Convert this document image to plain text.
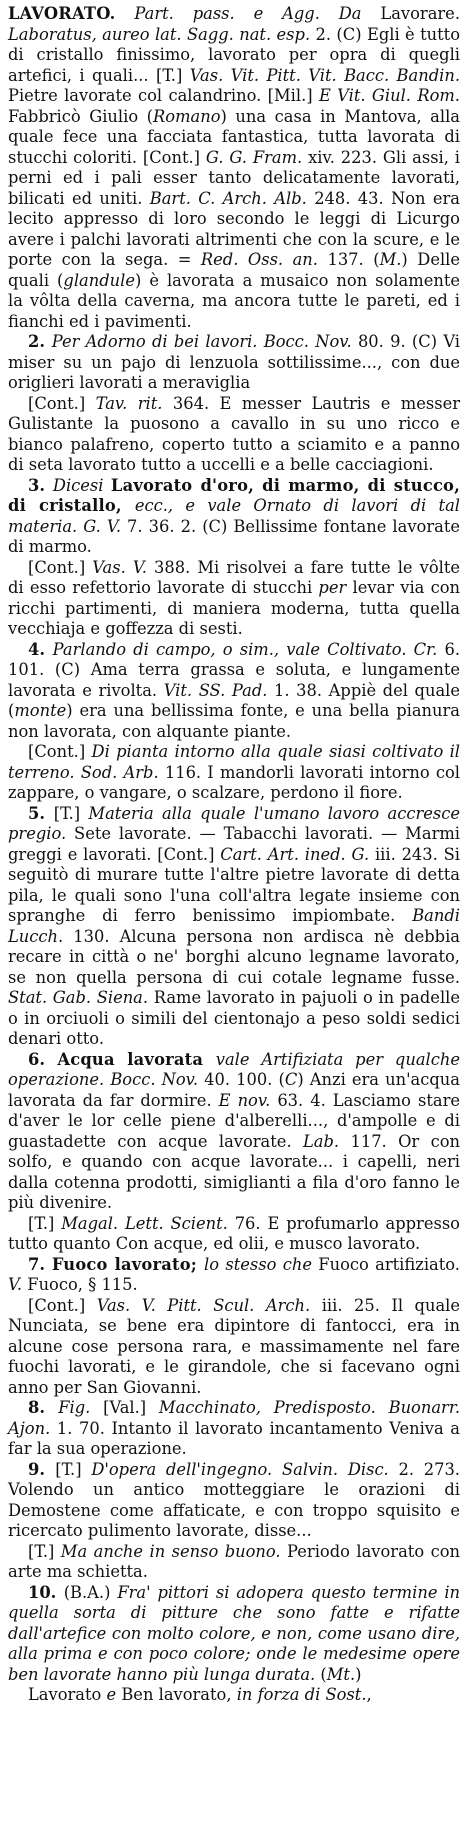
LAVORATO. Part. pass. e Agg. Da Lavorare. Laboratus, aureo lat. Sagg. nat. esp. 2. (C) Egli è tutto di cristallo finissimo, lavorato per opra di quegli artefici, i quali... [T.] Vas. Vit. Pitt. Vit. Bacc. Bandin. Pietre lavorate col calandrino. [Mil.] E Vit. Giul. Rom. Fabbricò Giulio (Romano) una casa in Mantova, alla quale fece una facciata fantastica, tutta lavorata di stucchi coloriti. [Cont.] G. G. Fram. xiv. 223. Gli assi, i perni ed i pali esser tanto delicatamente lavorati, bilicati ed uniti. Bart. C. Arch. Alb. 248. 43. Non era lecito appresso di loro secondo le leggi di Licurgo avere i palchi lavorati altrimenti che con la scure, e le porte con la sega. = Red. Oss. an. 137. (M.) Delle quali (glandule) è lavorata a musaico non solamente la vôlta della caverna, ma ancora tutte le pareti, ed i fianchi ed i pavimenti.

2. Per Adorno di bei lavori. Bocc. Nov. 80. 9. (C) Vi miser su un pajo di lenzuola sottilissime..., con due origlieri lavorati a meraviglia

[Cont.] Tav. rit. 364. E messer Lautris e messer Gulistante la puosono a cavallo in su uno ricco e bianco palafreno, coperto tutto a sciamito e a panno di seta lavorato tutto a uccelli e a belle cacciagioni.

3. Dicesi Lavorato d'oro, di marmo, di stucco, di cristallo, ecc., e vale Ornato di lavori di tal materia. G. V. 7. 36. 2. (C) Bellissime fontane lavorate di marmo.

[Cont.] Vas. V. 388. Mi risolvei a fare tutte le vôlte di esso refettorio lavorate di stucchi per levar via con ricchi partimenti, di maniera moderna, tutta quella vecchiaja e goffezza di sesti.

4. Parlando di campo, o sim., vale Coltivato. Cr. 6. 101. (C) Ama terra grassa e soluta, e lungamente lavorata e rivolta. Vit. SS. Pad. 1. 38. Appiè del quale (monte) era una bellissima fonte, e una bella pianura non lavorata, con alquante piante.

[Cont.] Di pianta intorno alla quale siasi coltivato il terreno. Sod. Arb. 116. I mandorli lavorati intorno col zappare, o vangare, o scalzare, perdono il fiore.

5. [T.] Materia alla quale l'umano lavoro accresce pregio. Sete lavorate. — Tabacchi lavorati. — Marmi greggi e lavorati. [Cont.] Cart. Art. ined. G. iii. 243. Si seguitò di murare tutte l'altre pietre lavorate di detta pila, le quali sono l'una coll'altra legate insieme con spranghe di ferro benissimo impiombate. Bandi Lucch. 130. Alcuna persona non ardisca nè debbia recare in città o ne' borghi alcuno legname lavorato, se non quella persona di cui cotale legname fusse. Stat. Gab. Siena. Rame lavorato in pajuoli o in padelle o in orciuoli o simili del cientonajo a peso soldi sedici denari otto.

6. Acqua lavorata vale Artifiziata per qualche operazione. Bocc. Nov. 40. 100. (C) Anzi era un'acqua lavorata da far dormire. E nov. 63. 4. Lasciamo stare d'aver le lor celle piene d'alberelli..., d'ampolle e di guastadette con acque lavorate. Lab. 117. Or con solfo, e quando con acque lavorate... i capelli, neri dalla cotenna prodotti, simiglianti a fila d'oro fanno le più divenire.

[T.] Magal. Lett. Scient. 76. E profumarlo appresso tutto quanto Con acque, ed olii, e musco lavorato.

7. Fuoco lavorato; lo stesso che Fuoco artifiziato. V. Fuoco, § 115.

[Cont.] Vas. V. Pitt. Scul. Arch. iii. 25. Il quale Nunciata, se bene era dipintore di fantocci, era in alcune cose persona rara, e massimamente nel fare fuochi lavorati, e le girandole, che si facevano ogni anno per San Giovanni.

8. Fig. [Val.] Macchinato, Predisposto. Buonarr. Ajon. 1. 70. Intanto il lavorato incantamento Veniva a far la sua operazione.

9. [T.] D'opera dell'ingegno. Salvin. Disc. 2. 273. Volendo un antico motteggiare le orazioni di Demostene come affaticate, e con troppo squisito e ricercato pulimento lavorate, disse...

[T.] Ma anche in senso buono. Periodo lavorato con arte ma schietta.

10. (B.A.) Fra' pittori si adopera questo termine in quella sorta di pitture che sono fatte e rifatte dall'artefice con molto colore, e non, come usano dire, alla prima e con poco colore; onde le medesime opere ben lavorate hanno più lunga durata. (Mt.)

Lavorato e Ben lavorato, in forza di Sost.,
